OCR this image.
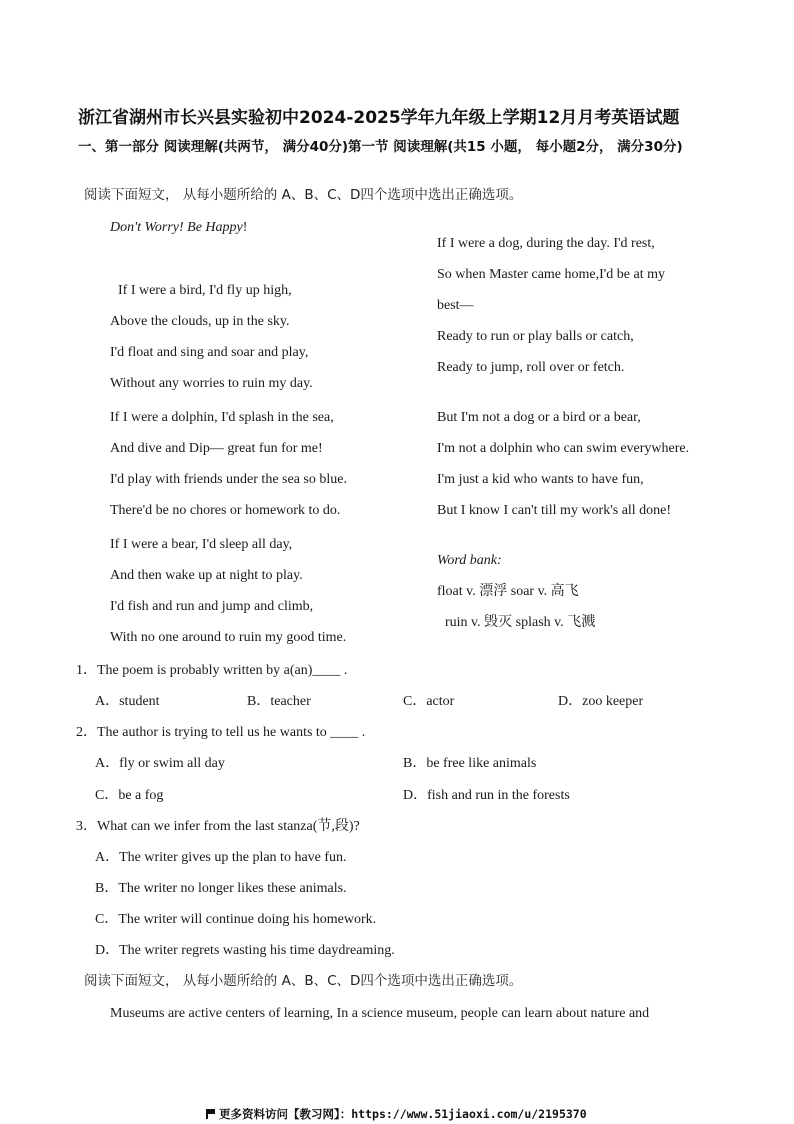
浙江省湖州市长兴县实验初中2024-2025学年九年级上学期12月月考英语试题
一、第一部分 阅读理解(共两节， 满分40分)第一节 阅读理解(共15 小题， 每小题2分， 满分30分)
阅读下面短文， 从每小题所给的 A、B、C、D四个选项中选出正确选项。
Don't Worry! Be Happy!
If I were a bird, I'd fly up high,
Above the clouds, up in the sky.
I'd float and sing and soar and play,
Without any worries to ruin my day.
If I were a dolphin, I'd splash in the sea,
And dive and Dip— great fun for me!
I'd play with friends under the sea so blue.
There'd be no chores or homework to do.
If I were a bear, I'd sleep all day,
And then wake up at night to play.
I'd fish and run and jump and climb,
With no one around to ruin my good time.
If I were a dog, during the day. I'd rest,
So when Master came home,I'd be at my
best—
Ready to run or play balls or catch,
Ready to jump, roll over or fetch.
But I'm not a dog or a bird or a bear,
I'm not a dolphin who can swim everywhere.
I'm just a kid who wants to have fun,
But I know I can't till my work's all done!
Word bank:
float v. 漂浮 soar v. 高飞
ruin v. 毁灭 splash v. 飞溅
1．The poem is probably written by a(an)____ .
A．student	B．teacher	C．actor	D．zoo keeper
2．The author is trying to tell us he wants to ____ .
A．fly or swim all day	B．be free like animals
C．be a fog	D．fish and run in the forests
3．What can we infer from the last stanza(节,段)?
A．The writer gives up the plan to have fun.
B．The writer no longer likes these animals.
C．The writer will continue doing his homework.
D．The writer regrets wasting his time daydreaming.
阅读下面短文， 从每小题所给的 A、B、C、D四个选项中选出正确选项。
Museums are active centers of learning, In a science museum, people can learn about nature and
更多资料访问【教习网】：https://www.51jiaoxi.com/u/2195370
